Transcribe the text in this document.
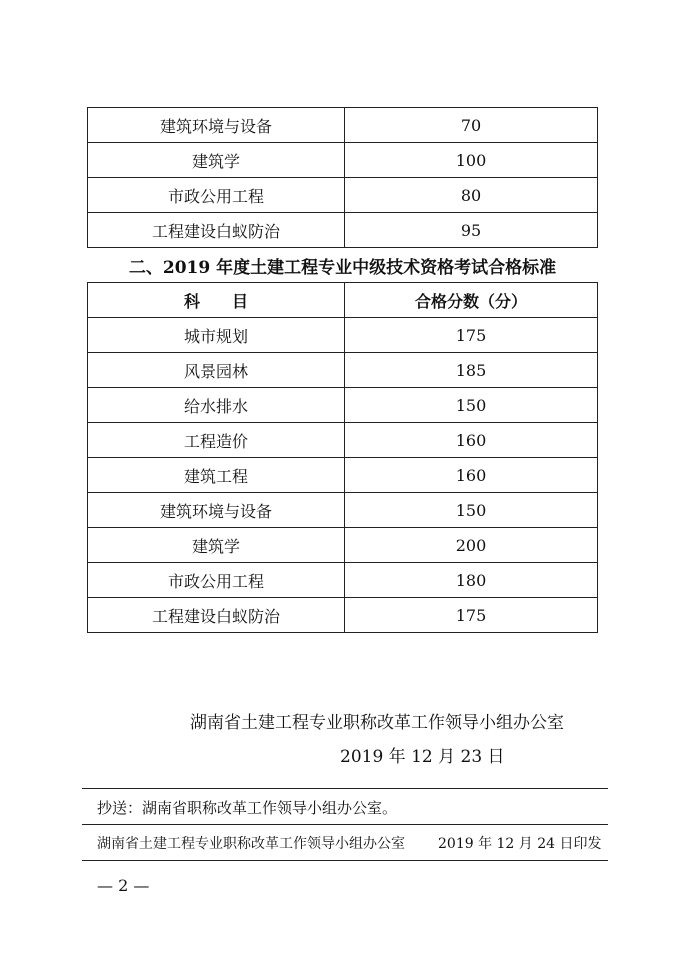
建筑环境与设备	70
建筑学	100
市政公用工程	80
工程建设白蚁防治	95
二、2019 年度土建工程专业中级技术资格考试合格标准
科　　目	合格分数（分）
城市规划	175
风景园林	185
给水排水	150
工程造价	160
建筑工程	160
建筑环境与设备	150
建筑学	200
市政公用工程	180
工程建设白蚁防治	175
湖南省土建工程专业职称改革工作领导小组办公室
2019 年 12 月 23 日
抄送：湖南省职称改革工作领导小组办公室。
湖南省土建工程专业职称改革工作领导小组办公室 2019 年 12 月 24 日印发
— 2 —
